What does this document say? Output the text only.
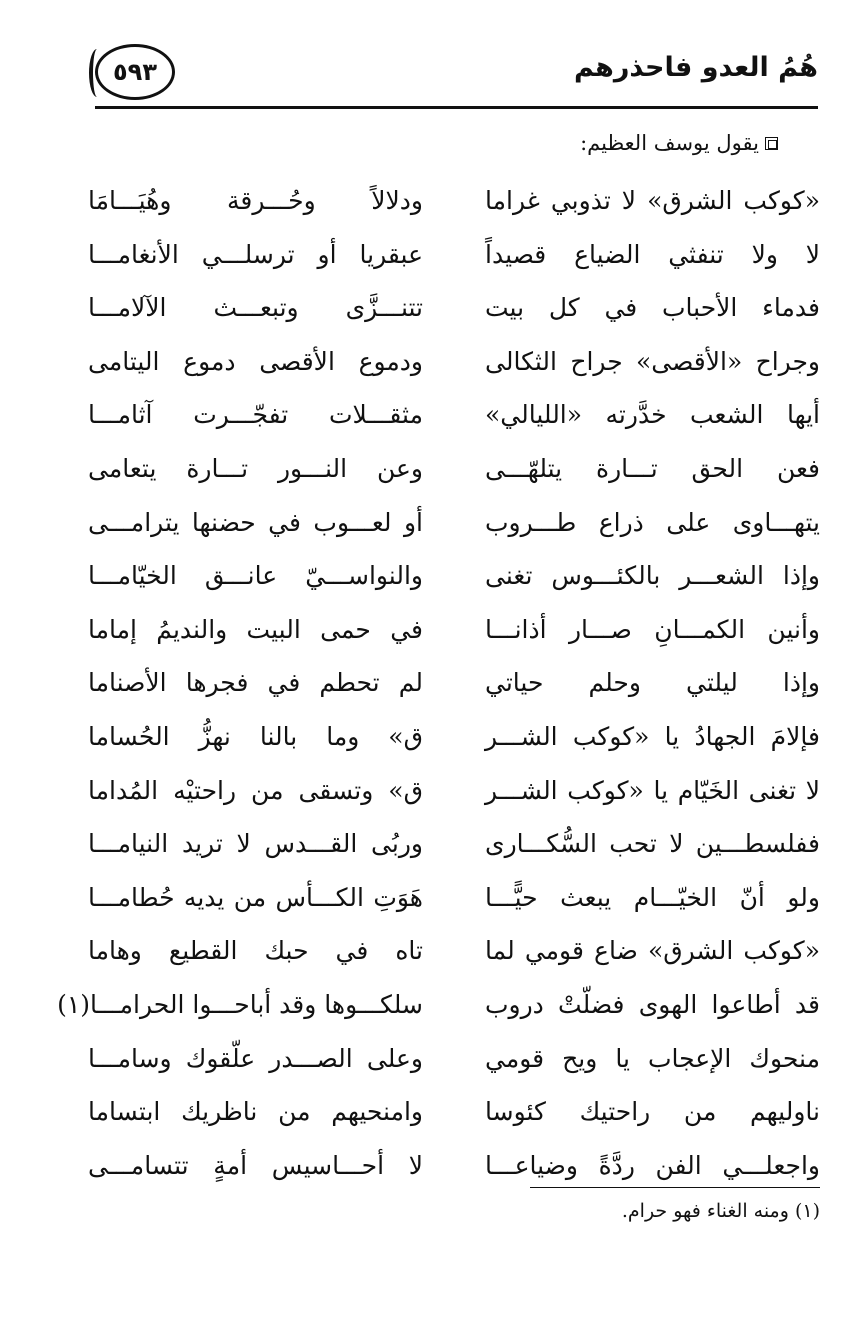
هُمُ العدو فاحذرهم
٥٩٣
يقول يوسف العظيم:
«كوكب الشرق» لا تذوبي غراما
لا ولا تنفثي الضياع قصيداً
فدماء الأحباب في كل بيت
وجراح «الأقصى» جراح الثكالى
أيها الشعب خدَّرته «الليالي»
فعن الحق تـــارة يتلهّـــى
يتهـــاوى على ذراع طـــروب
وإذا الشعـــر بالكئـــوس تغنى
وأنين الكمـــانِ صـــار أذانـــا
وإذا ليلتي وحلم حياتي
فإلامَ الجهادُ يا «كوكب الشـــر
لا تغنى الخَيّام يا «كوكب الشـــر
ففلسطـــين لا تحب السُّكـــارى
ولو أنّ الخيّـــام يبعث حيًّـــا
«كوكب الشرق» ضاع قومي لما
قد أطاعوا الهوى فضلّتْ دروب
منحوك الإعجاب يا ويح قومي
ناوليهم من راحتيك كئوسا
واجعلـــي الفن ردَّةً وضياعـــا
ودلالاً وحُـــرقة وهُيَـــامَا
عبقريا أو ترسلـــي الأنغامـــا
تتنـــزَّى وتبعـــث الآلامـــا
ودموع الأقصى دموع اليتامى
مثقـــلات تفجّـــرت آثامـــا
وعن النـــور تـــارة يتعامى
أو لعـــوب في حضنها يترامـــى
والنواســـيّ عانـــق الخيّامـــا
في حمى البيت والنديمُ إماما
لم تحطم في فجرها الأصناما
ق» وما بالنا نهزُّ الحُساما
ق» وتسقى من راحتيْه المُداما
وربُى القـــدس لا تريد النيامـــا
هَوَتِ الكـــأس من يديه حُطامـــا
تاه في حبك القطيع وهاما
سلكـــوها وقد أباحـــوا الحرامـــا(١)
وعلى الصـــدر علّقوك وسامـــا
وامنحيهم من ناظريك ابتساما
لا أحـــاسيس أمةٍ تتسامـــى
(١) ومنه الغناء فهو حرام.
